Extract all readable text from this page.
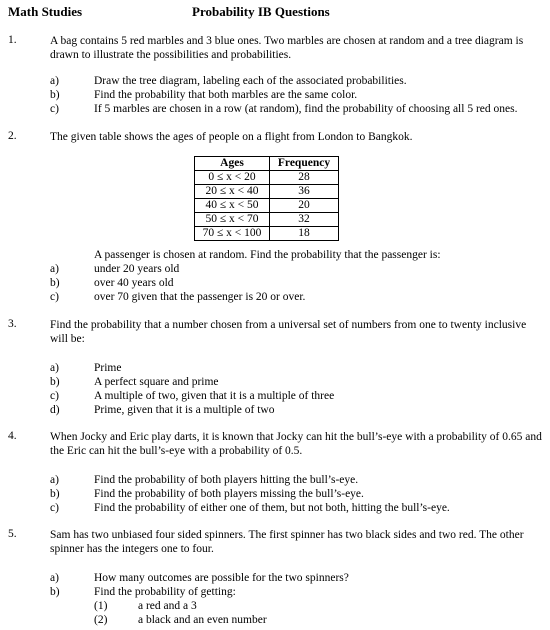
Math Studies	Probability IB Questions
1.	A bag contains 5 red marbles and 3 blue ones. Two marbles are chosen at random and a tree diagram is drawn to illustrate the possibilities and probabilities.
a)	Draw the tree diagram, labeling each of the associated probabilities.
b)	Find the probability that both marbles are the same color.
c)	If 5 marbles are chosen in a row (at random), find the probability of choosing all 5 red ones.
2.	The given table shows the ages of people on a flight from London to Bangkok.
Ages	Frequency
0 ≤ x < 20	28
20 ≤ x < 40	36
40 ≤ x < 50	20
50 ≤ x < 70	32
70 ≤ x < 100	18
A passenger is chosen at random. Find the probability that the passenger is:
a)	under 20 years old
b)	over 40 years old
c)	over 70 given that the passenger is 20 or over.
3.	Find the probability that a number chosen from a universal set of numbers from one to twenty inclusive will be:
a)	Prime
b)	A perfect square and prime
c)	A multiple of two, given that it is a multiple of three
d)	Prime, given that it is a multiple of two
4.	When Jocky and Eric play darts, it is known that Jocky can hit the bull’s-eye with a probability of 0.65 and the Eric can hit the bull’s-eye with a probability of 0.5.
a)	Find the probability of both players hitting the bull’s-eye.
b)	Find the probability of both players missing the bull’s-eye.
c)	Find the probability of either one of them, but not both, hitting the bull’s-eye.
5.	Sam has two unbiased four sided spinners. The first spinner has two black sides and two red. The other spinner has the integers one to four.
a)	How many outcomes are possible for the two spinners?
b)	Find the probability of getting:
(1)	a red and a 3
(2)	a black and an even number
